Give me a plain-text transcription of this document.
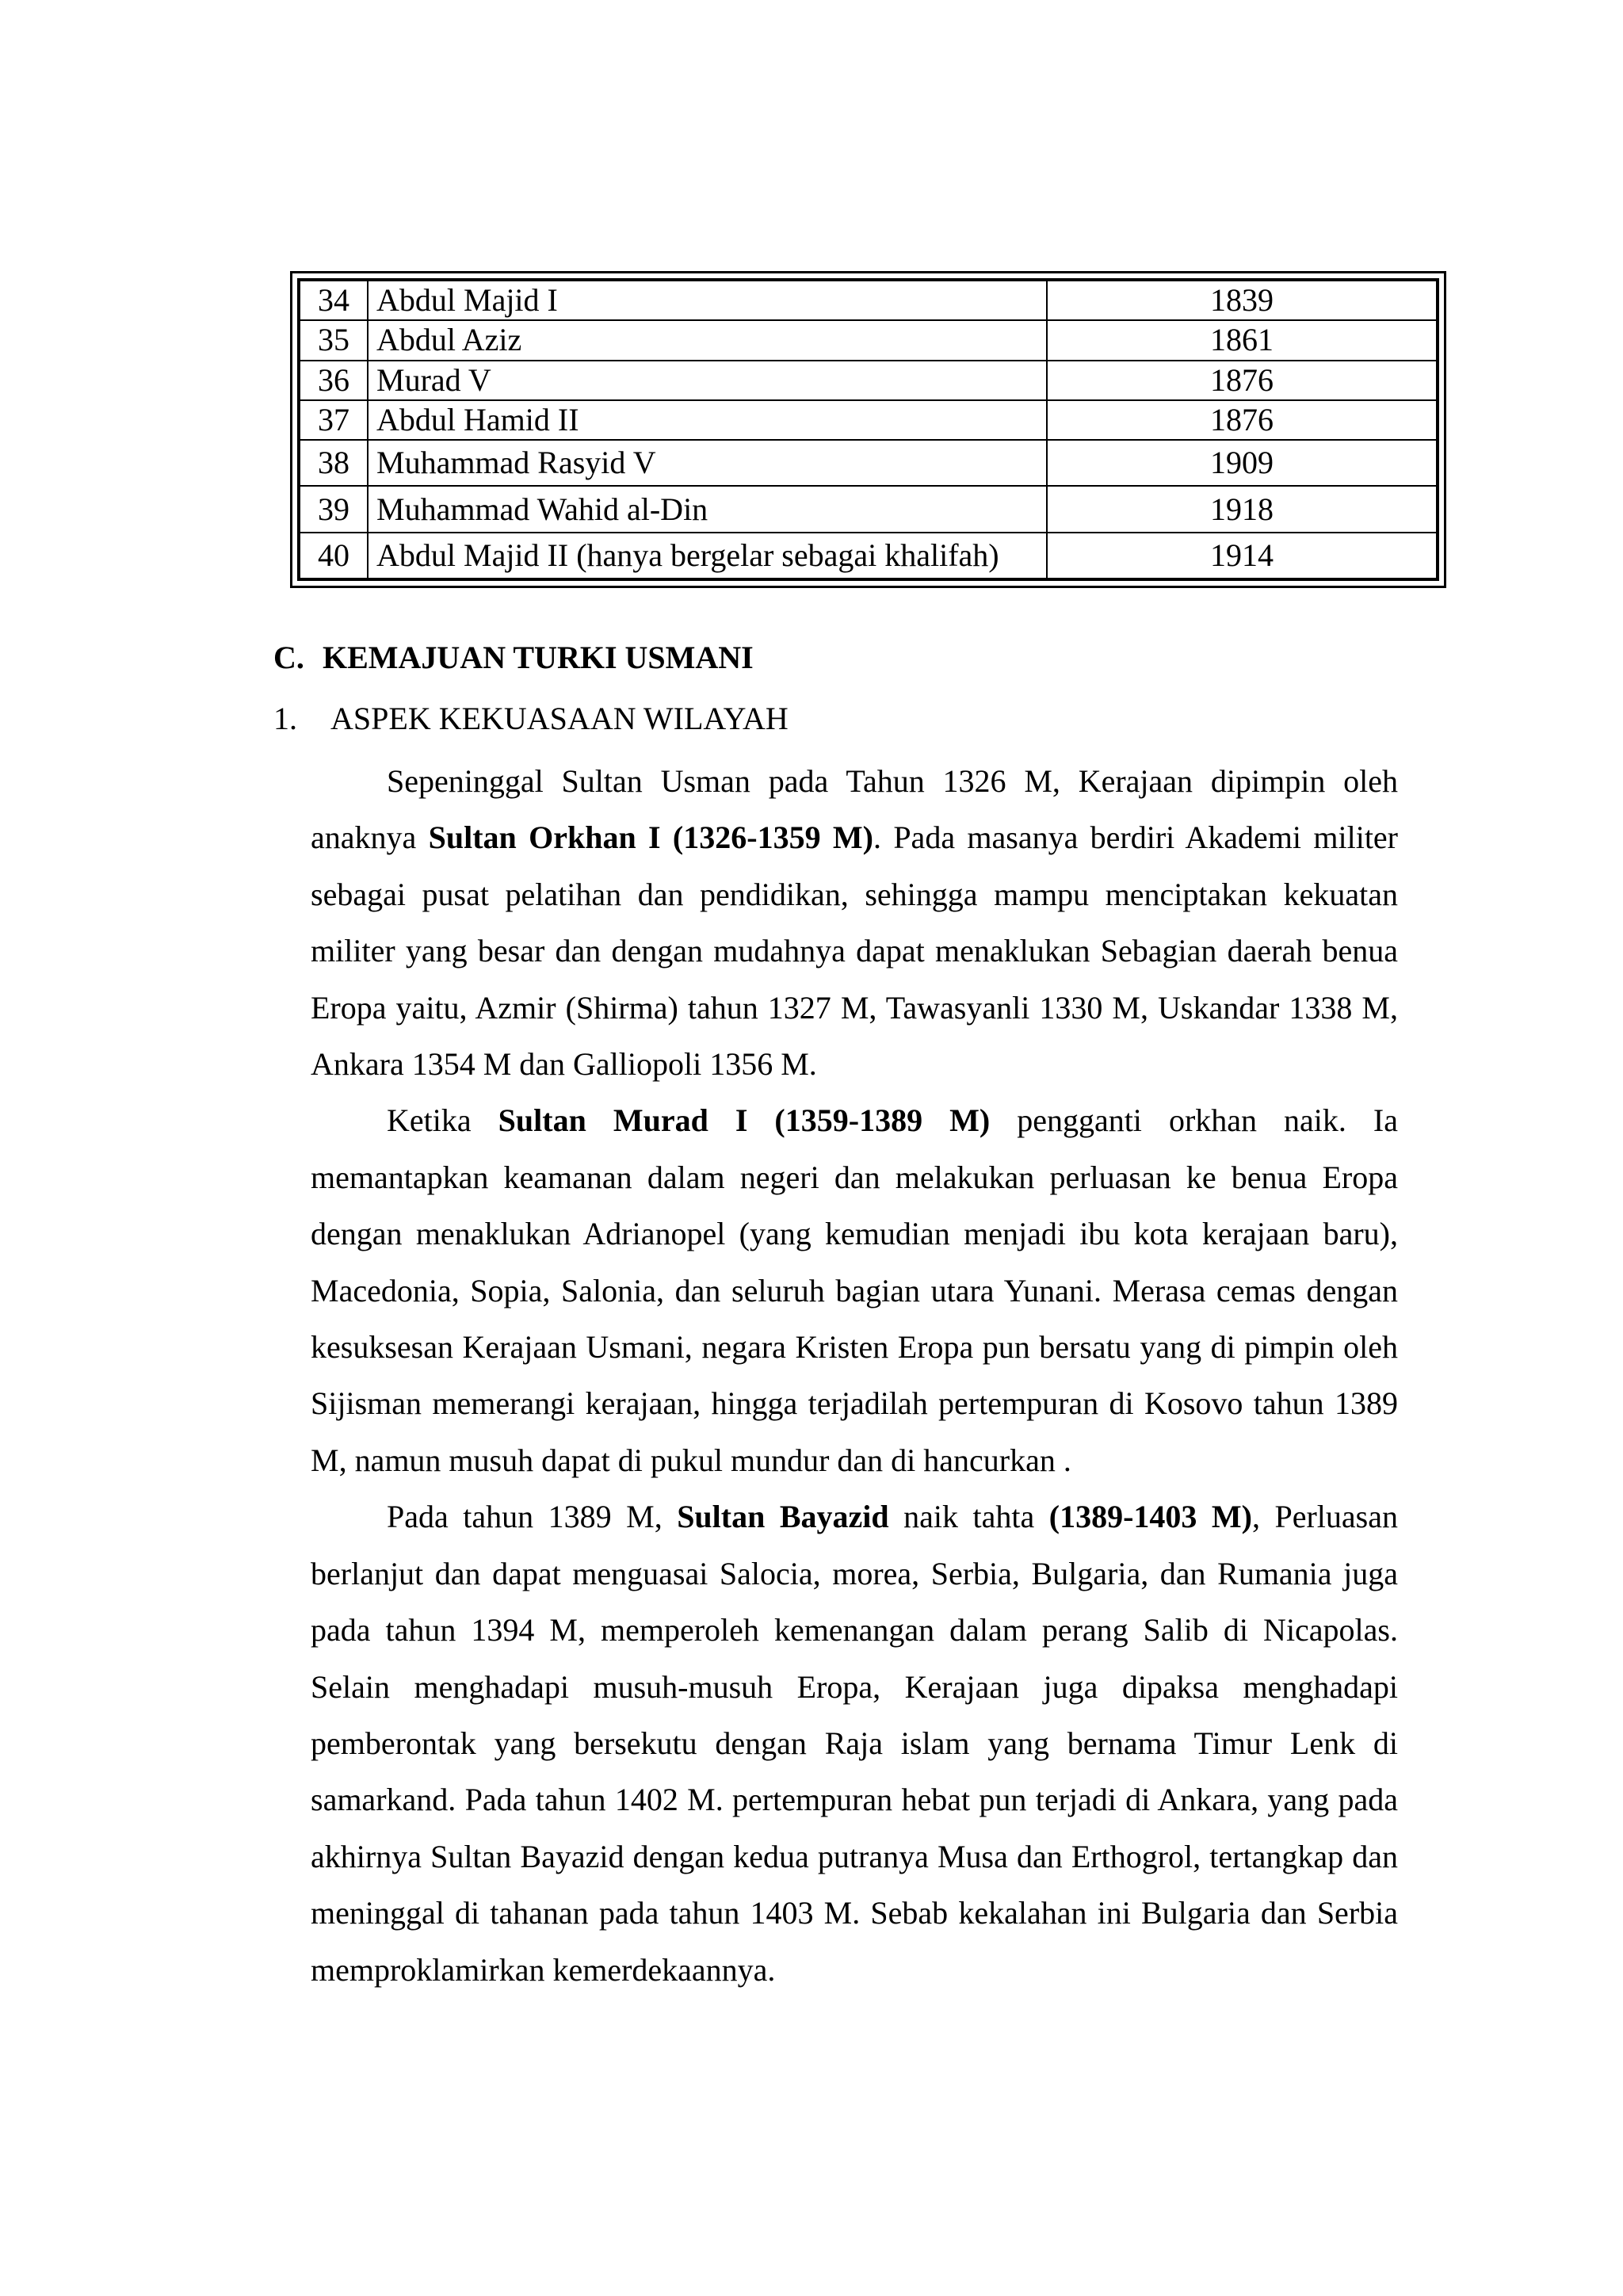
34	Abdul Majid I	1839
35	Abdul Aziz	1861
36	Murad V	1876
37	Abdul Hamid II	1876
38	Muhammad Rasyid V	1909
39	Muhammad Wahid al-Din	1918
40	Abdul Majid II (hanya bergelar sebagai khalifah)	1914
C. KEMAJUAN TURKI USMANI
1. ASPEK KEKUASAAN WILAYAH

Sepeninggal Sultan Usman pada Tahun 1326 M, Kerajaan dipimpin oleh anaknya Sultan Orkhan I (1326-1359 M). Pada masanya berdiri Akademi militer sebagai pusat pelatihan dan pendidikan, sehingga mampu menciptakan kekuatan militer yang besar dan dengan mudahnya dapat menaklukan Sebagian daerah benua Eropa yaitu, Azmir (Shirma) tahun 1327 M, Tawasyanli 1330 M, Uskandar 1338 M, Ankara 1354 M dan Galliopoli 1356 M.

Ketika Sultan Murad I (1359-1389 M) pengganti orkhan naik. Ia memantapkan keamanan dalam negeri dan melakukan perluasan ke benua Eropa dengan menaklukan Adrianopel (yang kemudian menjadi ibu kota kerajaan baru), Macedonia, Sopia, Salonia, dan seluruh bagian utara Yunani. Merasa cemas dengan kesuksesan Kerajaan Usmani, negara Kristen Eropa pun bersatu yang di pimpin oleh Sijisman memerangi kerajaan, hingga terjadilah pertempuran di Kosovo tahun 1389 M, namun musuh dapat di pukul mundur dan di hancurkan .

Pada tahun 1389 M, Sultan Bayazid naik tahta (1389-1403 M), Perluasan berlanjut dan dapat menguasai Salocia, morea, Serbia, Bulgaria, dan Rumania juga pada tahun 1394 M, memperoleh kemenangan dalam perang Salib di Nicapolas. Selain menghadapi musuh-musuh Eropa, Kerajaan juga dipaksa menghadapi pemberontak yang bersekutu dengan Raja islam yang bernama Timur Lenk di samarkand. Pada tahun 1402 M. pertempuran hebat pun terjadi di Ankara, yang pada akhirnya Sultan Bayazid dengan kedua putranya Musa dan Erthogrol, tertangkap dan meninggal di tahanan pada tahun 1403 M. Sebab kekalahan ini Bulgaria dan Serbia memproklamirkan kemerdekaannya.
